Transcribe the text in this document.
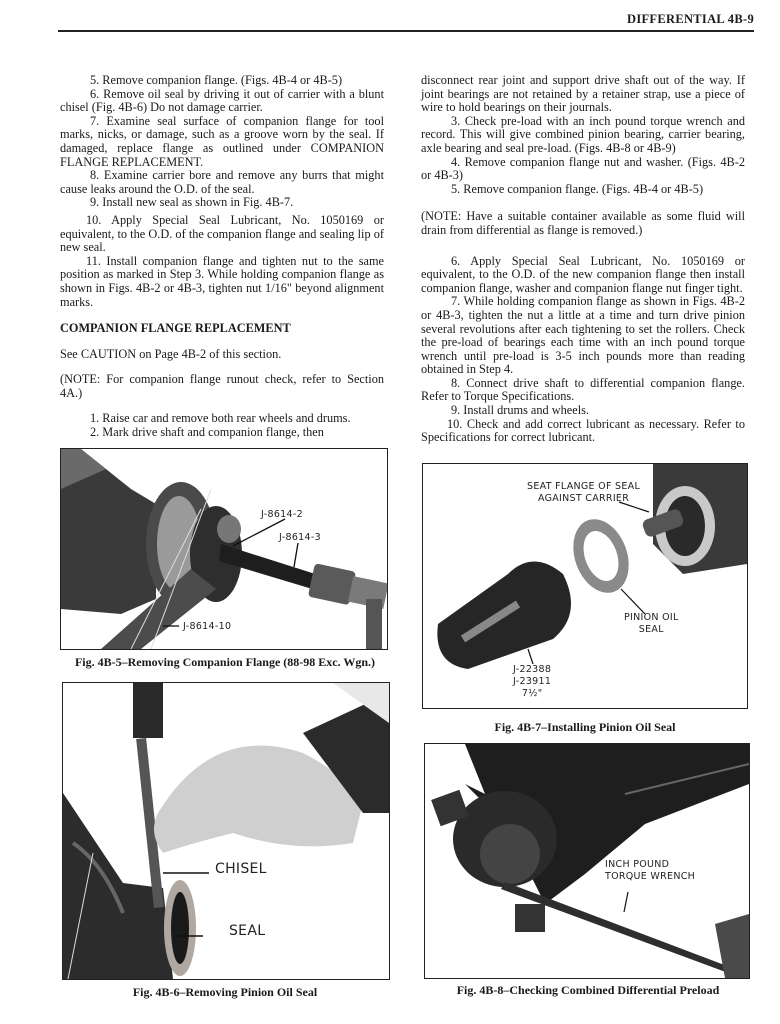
DIFFERENTIAL 4B-9

5. Remove companion flange. (Figs. 4B-4 or 4B-5)

6. Remove oil seal by driving it out of carrier with a blunt chisel (Fig. 4B-6) Do not damage carrier.

7. Examine seal surface of companion flange for tool marks, nicks, or damage, such as a groove worn by the seal. If damaged, replace flange as outlined under COMPANION FLANGE REPLACEMENT.

8. Examine carrier bore and remove any burrs that might cause leaks around the O.D. of the seal.

9. Install new seal as shown in Fig. 4B-7.

10. Apply Special Seal Lubricant, No. 1050169 or equivalent, to the O.D. of the companion flange and sealing lip of new seal.

11. Install companion flange and tighten nut to the same position as marked in Step 3. While holding companion flange as shown in Figs. 4B-2 or 4B-3, tighten nut 1/16" beyond alignment marks.

COMPANION FLANGE REPLACEMENT

See CAUTION on Page 4B-2 of this section.

(NOTE: For companion flange runout check, refer to Section 4A.)

1. Raise car and remove both rear wheels and drums.

2. Mark drive shaft and companion flange, then

disconnect rear joint and support drive shaft out of the way. If joint bearings are not retained by a retainer strap, use a piece of wire to hold bearings on their journals.

3. Check pre-load with an inch pound torque wrench and record. This will give combined pinion bearing, carrier bearing, axle bearing and seal pre-load. (Figs. 4B-8 or 4B-9)

4. Remove companion flange nut and washer. (Figs. 4B-2 or 4B-3)

5. Remove companion flange. (Figs. 4B-4 or 4B-5)

(NOTE: Have a suitable container available as some fluid will drain from differential as flange is removed.)

6. Apply Special Seal Lubricant, No. 1050169 or equivalent, to the O.D. of the new companion flange then install companion flange, washer and companion flange nut finger tight.

7. While holding companion flange as shown in Figs. 4B-2 or 4B-3, tighten the nut a little at a time and turn drive pinion several revolutions after each tightening to set the rollers. Check the pre-load of bearings each time with an inch pound torque wrench until pre-load is 3-5 inch pounds more than reading obtained in Step 4.

8. Connect drive shaft to differential companion flange. Refer to Torque Specifications.

9. Install drums and wheels.

10. Check and add correct lubricant as necessary. Refer to Specifications for correct lubricant.

J-8614-2
J-8614-3
J-8614-10
Fig. 4B-5–Removing Companion Flange (88-98 Exc. Wgn.)
CHISEL
SEAL
Fig. 4B-6–Removing Pinion Oil Seal
SEAT FLANGE OF SEAL
AGAINST CARRIER
PINION OIL
SEAL
J-22388
J-23911
7½"
Fig. 4B-7–Installing Pinion Oil Seal
INCH POUND
TORQUE WRENCH
Fig. 4B-8–Checking Combined Differential Preload
